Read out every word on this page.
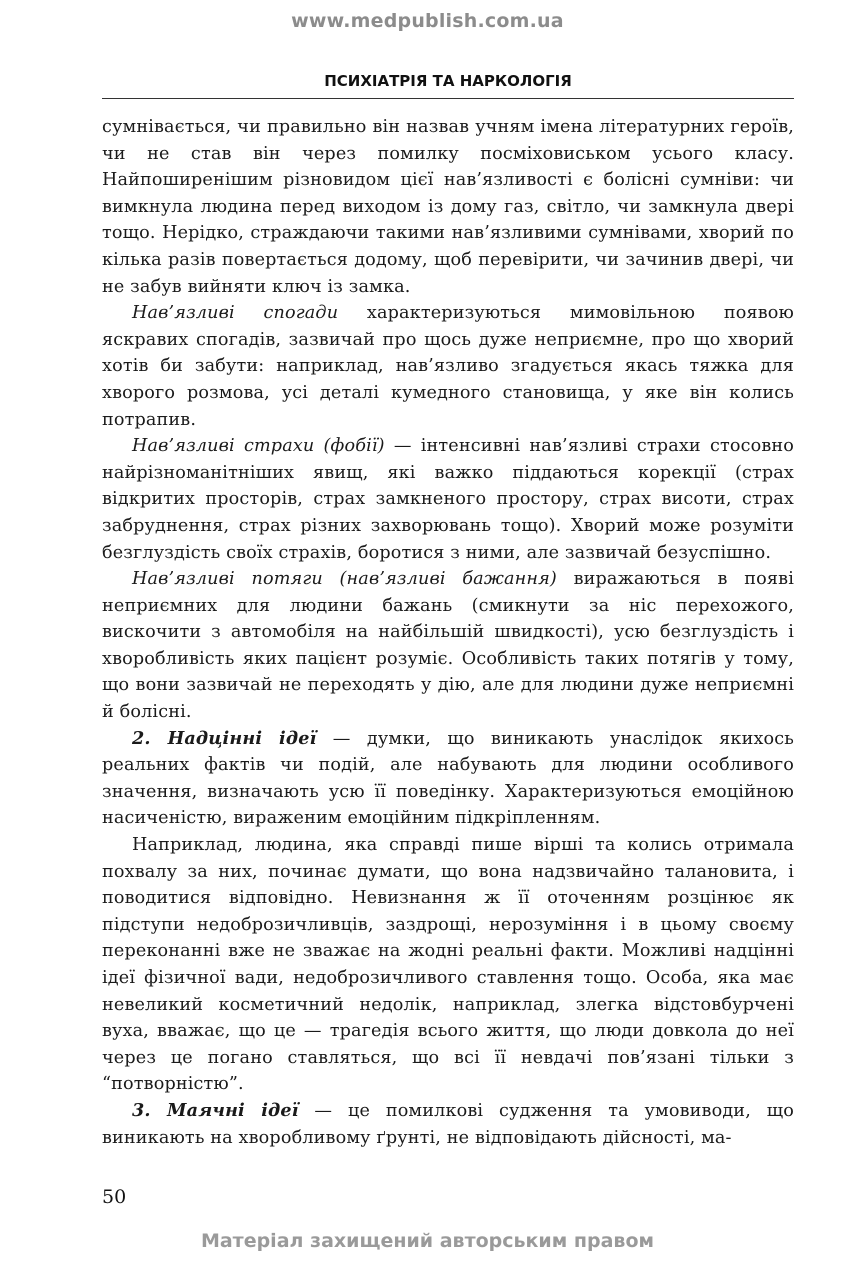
www.medpublish.com.ua
ПСИХІАТРІЯ ТА НАРКОЛОГІЯ

сумнівається, чи правильно він назвав учням імена літературних героїв, чи не став він через помилку посміховиськом усього класу. Найпоширенішим різновидом цієї нав’язливості є болісні сумніви: чи вимкнула людина перед виходом із дому газ, світло, чи замкнула двері тощо. Нерідко, страждаючи такими нав’язливими сумнівами, хворий по кілька разів повертається додому, щоб перевірити, чи зачинив двері, чи не забув вийняти ключ із замка.

Нав’язливі спогади характеризуються мимовільною появою яскравих спогадів, зазвичай про щось дуже неприємне, про що хворий хотів би забути: наприклад, нав’язливо згадується якась тяжка для хворого розмова, усі деталі кумедного становища, у яке він колись потрапив.

Нав’язливі страхи (фобії) — інтенсивні нав’язливі страхи стосовно найрізноманітніших явищ, які важко піддаються корекції (страх відкритих просторів, страх замкненого простору, страх висоти, страх забруднення, страх різних захворювань тощо). Хворий може розуміти безглуздість своїх страхів, боротися з ними, але зазвичай безуспішно.

Нав’язливі потяги (нав’язливі бажання) виражаються в появі неприємних для людини бажань (смикнути за ніс перехожого, вискочити з автомобіля на найбільшій швидкості), усю безглуздість і хворобливість яких пацієнт розуміє. Особливість таких потягів у тому, що вони зазвичай не переходять у дію, але для людини дуже неприємні й болісні.

2. Надцінні ідеї — думки, що виникають унаслідок якихось реальних фактів чи подій, але набувають для людини особливого значення, визначають усю її поведінку. Характеризуються емоційною насиченістю, вираженим емоційним підкріпленням.

Наприклад, людина, яка справді пише вірші та колись отримала похвалу за них, починає думати, що вона надзвичайно талановита, і поводитися відповідно. Невизнання ж її оточенням розцінює як підступи недоброзичливців, заздрощі, нерозуміння і в цьому своєму переконанні вже не зважає на жодні реальні факти. Можливі надцінні ідеї фізичної вади, недоброзичливого ставлення тощо. Особа, яка має невеликий косметичний недолік, наприклад, злегка відстовбурчені вуха, вважає, що це — трагедія всього життя, що люди довкола до неї через це погано ставляться, що всі її невдачі пов’язані тільки з “потворністю”.

3. Маячні ідеї — це помилкові судження та умовиводи, що виникають на хворобливому ґрунті, не відповідають дійсності, ма-

50
Матеріал захищений авторським правом
